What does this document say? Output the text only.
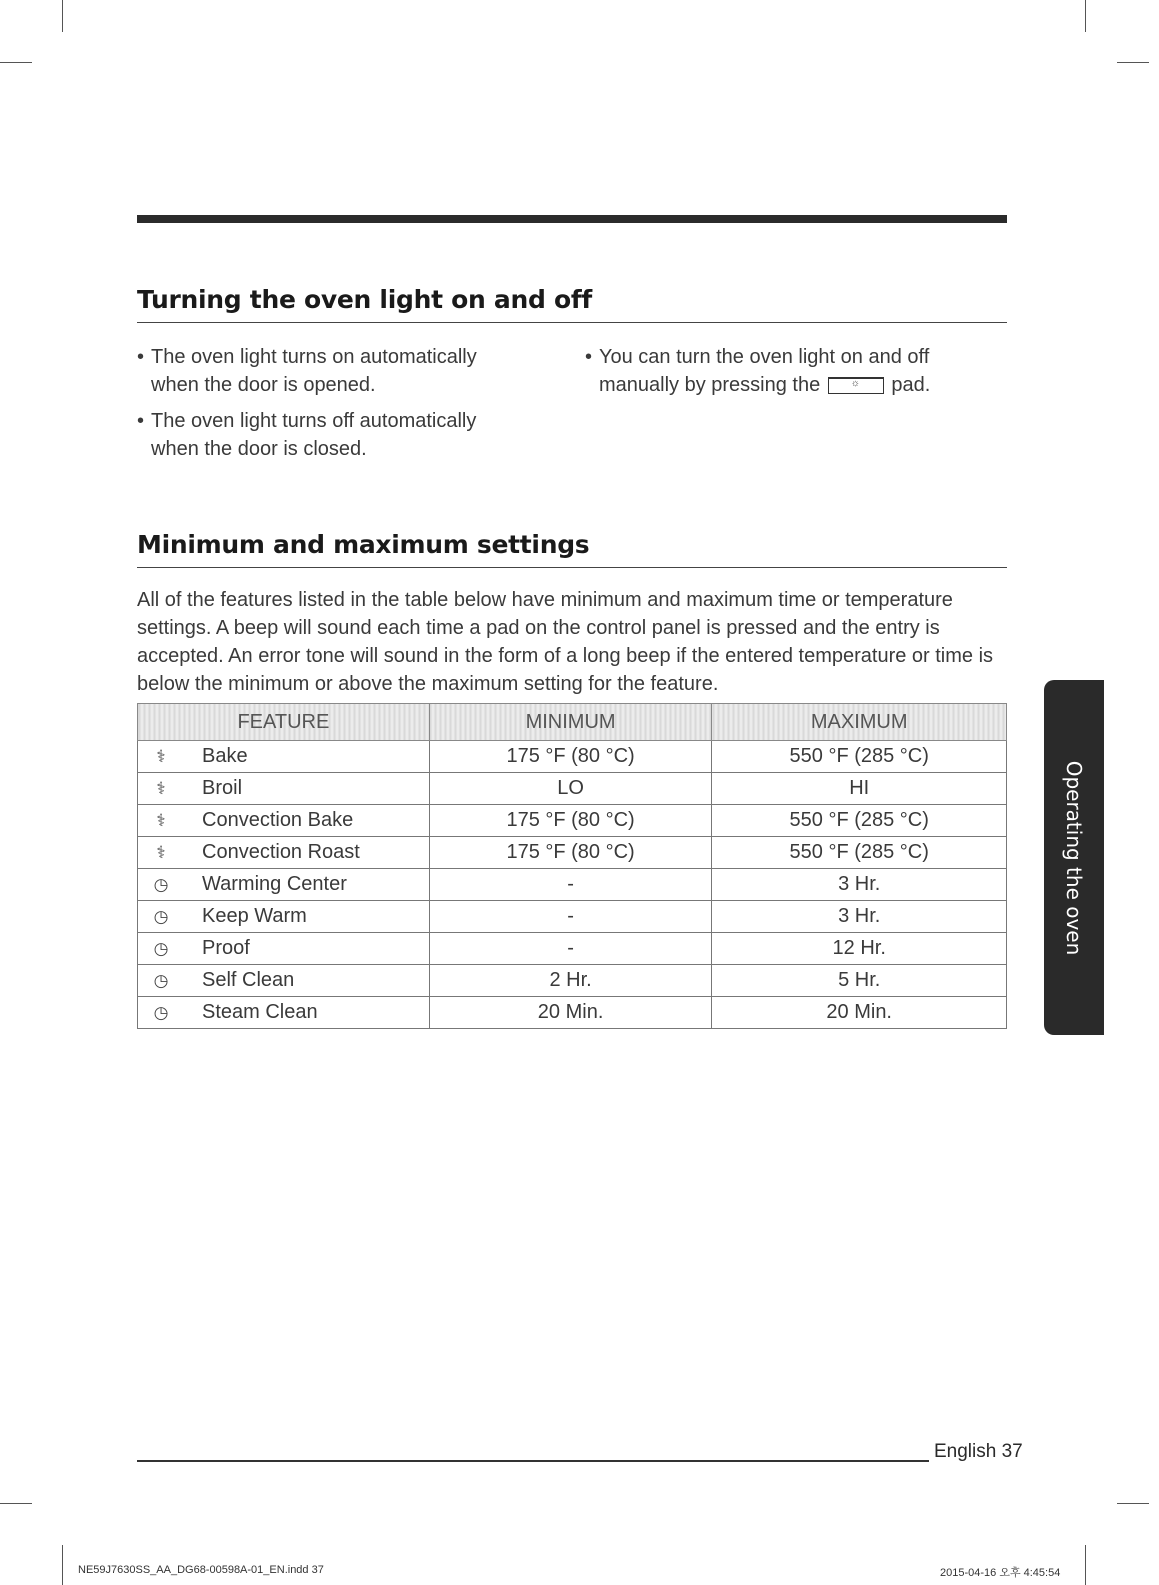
Turning the oven light on and off
• The oven light turns on automatically when the door is opened.
• The oven light turns off automatically when the door is closed.
• You can turn the oven light on and off manually by pressing the	☼ pad.
Minimum and maximum settings

All of the features listed in the table below have minimum and maximum time or temperature settings. A beep will sound each time a pad on the control panel is pressed and the entry is accepted. An error tone will sound in the form of a long beep if the entered temperature or time is below the minimum or above the maximum setting for the feature.

FEATURE	MINIMUM	MAXIMUM
⚕ Bake	175 °F (80 °C)	550 °F (285 °C)
⚕ Broil	LO	HI
⚕ Convection Bake	175 °F (80 °C)	550 °F (285 °C)
⚕ Convection Roast	175 °F (80 °C)	550 °F (285 °C)
◷ Warming Center	-	3 Hr.
◷ Keep Warm	-	3 Hr.
◷ Proof	-	12 Hr.
◷ Self Clean	2 Hr.	5 Hr.
◷ Steam Clean	20 Min.	20 Min.
Operating the oven
English 37
NE59J7630SS_AA_DG68-00598A-01_EN.indd 37	2015-04-16 오후 4:45:54
